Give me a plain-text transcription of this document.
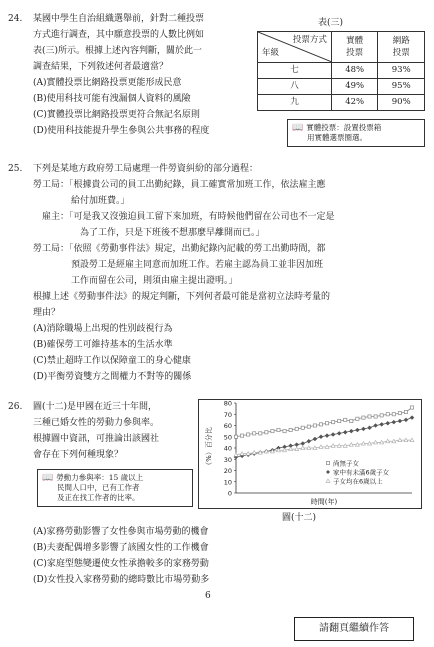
24. 某國中學生自治組織選舉前，針對二種投票
方式進行調查，其中願意投票的人數比例如
表(三)所示。根據上述內容判斷，關於此一
調查結果，下列敘述何者最適當？
(A)實體投票比網路投票更能形成民意
(B)使用科技可能有洩漏個人資料的風險
(C)實體投票比網路投票更符合無記名原則
(D)使用科技能提升學生參與公共事務的程度
表(三)
投票方式
年級	實體
投票	網路
投票
七	48%	93%
八	49%	95%
九	42%	90%
📖 實體投票：設置投票箱
用實體選票圈選。
25. 下列是某地方政府勞工局處理一件勞資糾紛的部分過程：
勞工局：「根據貴公司的員工出勤紀錄，員工確實常加班工作，依法雇主應
給付加班費。」
雇主：「可是我又沒強迫員工留下來加班，有時候他們留在公司也不一定是
為了工作，只是下班後不想那麼早離開而已。」
勞工局：「依照《勞動事件法》規定，出勤紀錄內記載的勞工出勤時間，都
預設勞工是經雇主同意而加班工作。若雇主認為員工並非因加班
工作而留在公司，則須由雇主提出證明。」
根據上述《勞動事件法》的規定判斷，下列何者最可能是當初立法時考量的
理由？
(A)消除職場上出現的性別歧視行為
(B)確保勞工可維持基本的生活水準
(C)禁止超時工作以保障童工的身心健康
(D)平衡勞資雙方之間權力不對等的關係
26. 圖(十二)是甲國在近三十年間，
三種已婚女性的勞動力參與率。
根據圖中資訊，可推論出該國社
會存在下列何種現象？
📖 勞動力參與率：15 歲以上
民間人口中，已有工作者
及正在找工作者的比率。	0
10
20
30
40
50
60
70
80
（%）百分比
時間(年)
尚無子女
家中有未滿6歲子女
子女均在6歲以上
圖(十二)
(A)家務勞動影響了女性參與市場勞動的機會
(B)夫妻配偶增多影響了該國女性的工作機會
(C)家庭型態變遷使女性承擔較多的家務勞動
(D)女性投入家務勞動的總時數比市場勞動多
6
請翻頁繼續作答
